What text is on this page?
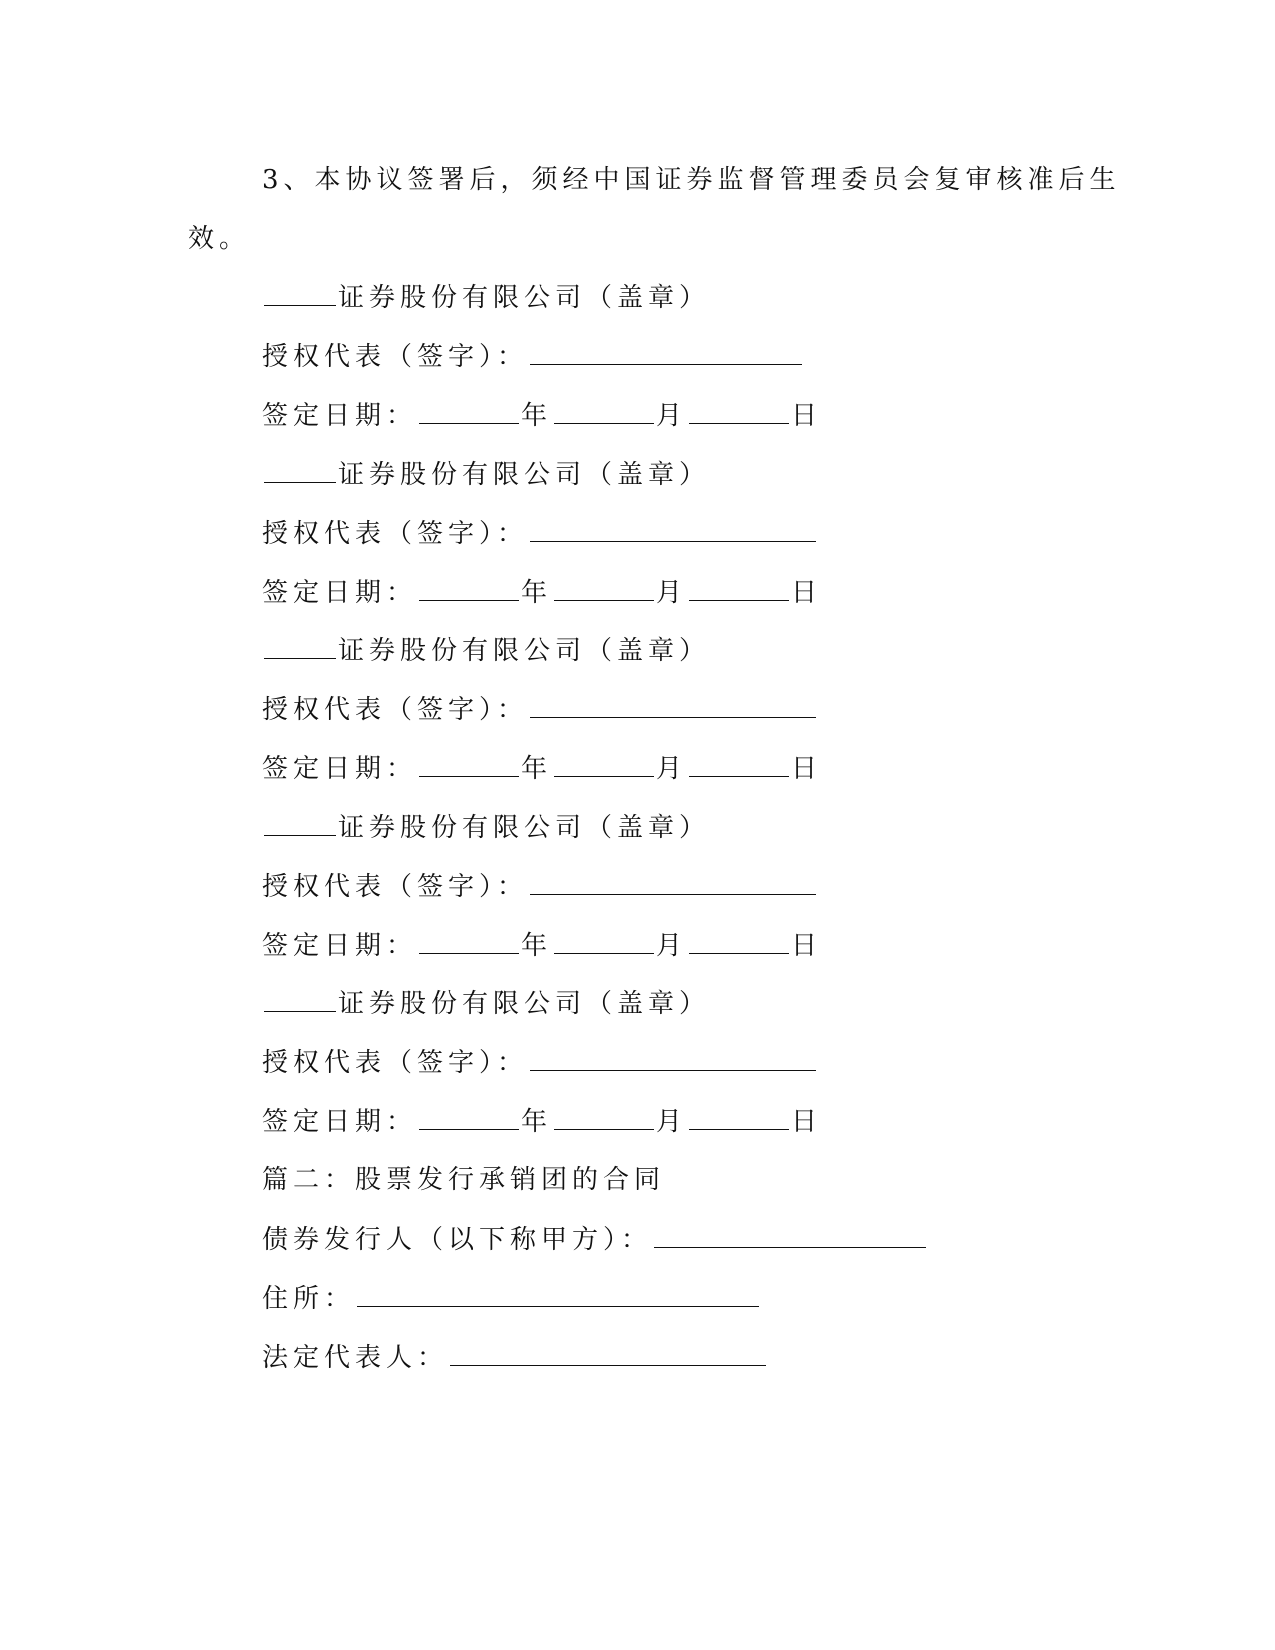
3、本协议签署后，须经中国证券监督管理委员会复审核准后生
效。
证券股份有限公司（盖章）
授权代表（签字）：
签定日期：	年	月	日
证券股份有限公司（盖章）
授权代表（签字）：
签定日期：	年	月	日
证券股份有限公司（盖章）
授权代表（签字）：
签定日期：	年	月	日
证券股份有限公司（盖章）
授权代表（签字）：
签定日期：	年	月	日
证券股份有限公司（盖章）
授权代表（签字）：
签定日期：	年	月	日
篇二：股票发行承销团的合同
债券发行人（以下称甲方）：
住所：
法定代表人：
